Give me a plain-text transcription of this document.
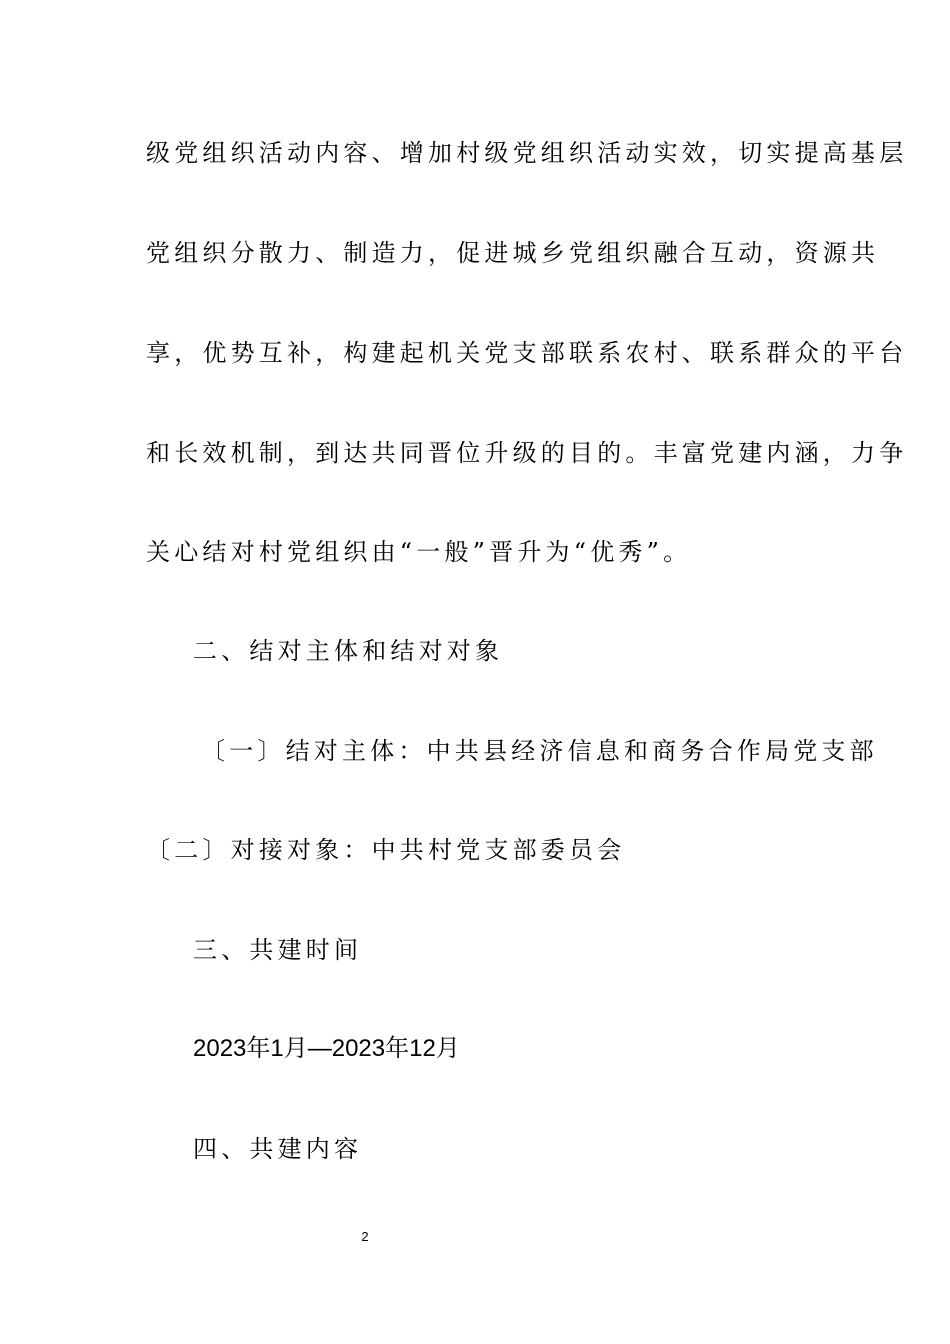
级党组织活动内容、增加村级党组织活动实效，切实提高基层
党组织分散力、制造力，促进城乡党组织融合互动，资源共
享，优势互补，构建起机关党支部联系农村、联系群众的平台
和长效机制，到达共同晋位升级的目的。丰富党建内涵，力争
关心结对村党组织由“一般”晋升为“优秀”。
二、结对主体和结对对象
〔一〕结对主体：中共县经济信息和商务合作局党支部
〔二〕对接对象：中共村党支部委员会
三、共建时间
2023年1月—2023年12月
四、共建内容
2
